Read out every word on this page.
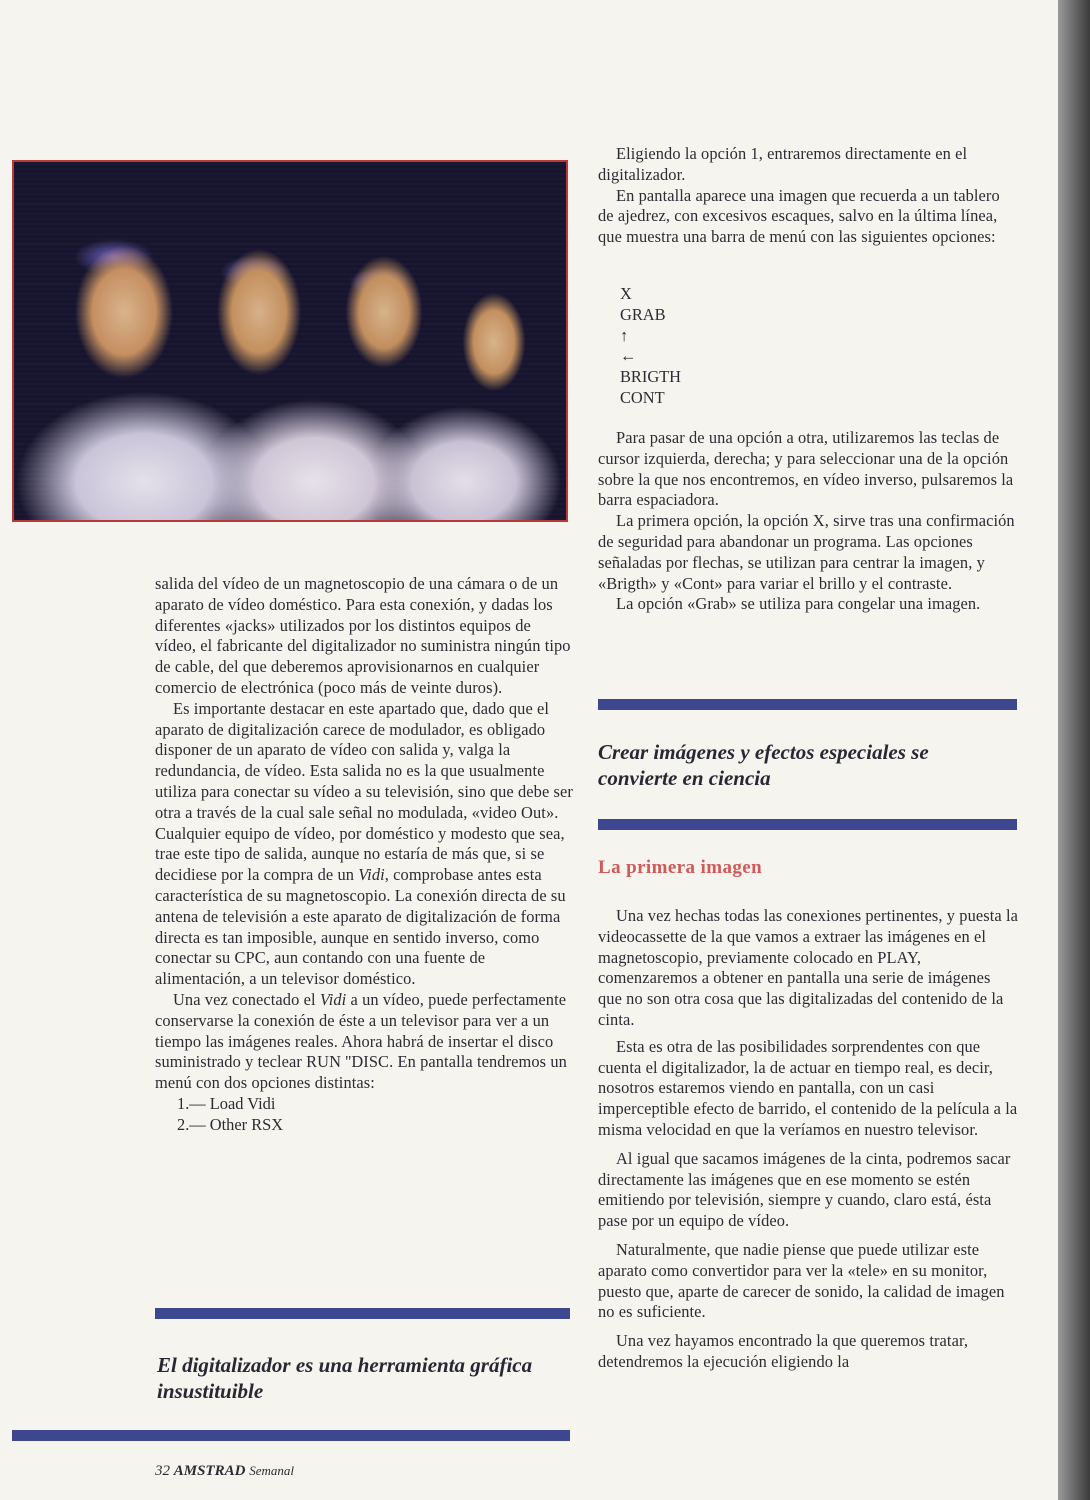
salida del vídeo de un magnetoscopio de una cámara o de un aparato de vídeo doméstico. Para esta conexión, y dadas los diferentes «jacks» utilizados por los distintos equipos de vídeo, el fabricante del digitalizador no suministra ningún tipo de cable, del que deberemos aprovisionarnos en cualquier comercio de electrónica (poco más de veinte duros).

Es importante destacar en este apartado que, dado que el aparato de digitalización carece de modulador, es obligado disponer de un aparato de vídeo con salida y, valga la redundancia, de vídeo. Esta salida no es la que usualmente utiliza para conectar su vídeo a su televisión, sino que debe ser otra a través de la cual sale señal no modulada, «video Out». Cualquier equipo de vídeo, por doméstico y modesto que sea, trae este tipo de salida, aunque no estaría de más que, si se decidiese por la compra de un Vidi, comprobase antes esta característica de su magnetoscopio. La conexión directa de su antena de televisión a este aparato de digitalización de forma directa es tan imposible, aunque en sentido inverso, como conectar su CPC, aun contando con una fuente de alimentación, a un televisor doméstico.

Una vez conectado el Vidi a un vídeo, puede perfectamente conservarse la conexión de éste a un televisor para ver a un tiempo las imágenes reales. Ahora habrá de insertar el disco suministrado y teclear RUN ''DISC. En pantalla tendremos un menú con dos opciones distintas:

1.— Load Vidi
2.— Other RSX
El digitalizador es una herramienta gráfica insustituible

Eligiendo la opción 1, entraremos directamente en el digitalizador.

En pantalla aparece una imagen que recuerda a un tablero de ajedrez, con excesivos escaques, salvo en la última línea, que muestra una barra de menú con las siguientes opciones:

X
GRAB
↑
←
BRIGTH
CONT

Para pasar de una opción a otra, utilizaremos las teclas de cursor izquierda, derecha; y para seleccionar una de la opción sobre la que nos encontremos, en vídeo inverso, pulsaremos la barra espaciadora.

La primera opción, la opción X, sirve tras una confirmación de seguridad para abandonar un programa. Las opciones señaladas por flechas, se utilizan para centrar la imagen, y «Brigth» y «Cont» para variar el brillo y el contraste.

La opción «Grab» se utiliza para congelar una imagen.

Crear imágenes y efectos especiales se convierte en ciencia
La primera imagen

Una vez hechas todas las conexiones pertinentes, y puesta la videocassette de la que vamos a extraer las imágenes en el magnetoscopio, previamente colocado en PLAY, comenzaremos a obtener en pantalla una serie de imágenes que no son otra cosa que las digitalizadas del contenido de la cinta.

Esta es otra de las posibilidades sorprendentes con que cuenta el digitalizador, la de actuar en tiempo real, es decir, nosotros estaremos viendo en pantalla, con un casi imperceptible efecto de barrido, el contenido de la película a la misma velocidad en que la veríamos en nuestro televisor.

Al igual que sacamos imágenes de la cinta, podremos sacar directamente las imágenes que en ese momento se estén emitiendo por televisión, siempre y cuando, claro está, ésta pase por un equipo de vídeo.

Naturalmente, que nadie piense que puede utilizar este aparato como convertidor para ver la «tele» en su monitor, puesto que, aparte de carecer de sonido, la calidad de imagen no es suficiente.

Una vez hayamos encontrado la que queremos tratar, detendremos la ejecución eligiendo la

32 AMSTRAD Semanal
